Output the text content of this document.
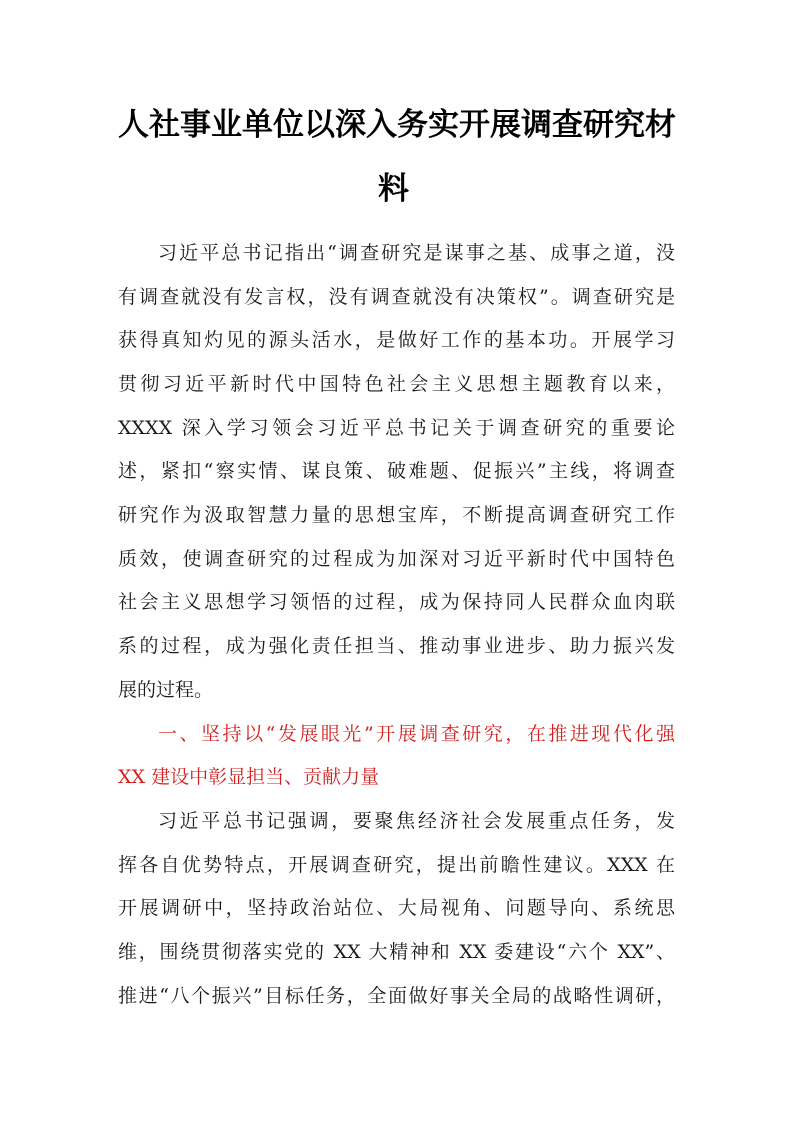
人社事业单位以深入务实开展调查研究材
料

习近平总书记指出“调查研究是谋事之基、成事之道，没

有调查就没有发言权，没有调查就没有决策权”。调查研究是

获得真知灼见的源头活水，是做好工作的基本功。开展学习

贯彻习近平新时代中国特色社会主义思想主题教育以来，

XXXX 深入学习领会习近平总书记关于调查研究的重要论

述，紧扣“察实情、谋良策、破难题、促振兴”主线，将调查

研究作为汲取智慧力量的思想宝库，不断提高调查研究工作

质效，使调查研究的过程成为加深对习近平新时代中国特色

社会主义思想学习领悟的过程，成为保持同人民群众血肉联

系的过程，成为强化责任担当、推动事业进步、助力振兴发

展的过程。

一、坚持以“发展眼光”开展调查研究，在推进现代化强

XX 建设中彰显担当、贡献力量

习近平总书记强调，要聚焦经济社会发展重点任务，发

挥各自优势特点，开展调查研究，提出前瞻性建议。XXX 在

开展调研中，坚持政治站位、大局视角、问题导向、系统思

维，围绕贯彻落实党的 XX 大精神和 XX 委建设“六个 XX”、

推进“八个振兴”目标任务，全面做好事关全局的战略性调研，
